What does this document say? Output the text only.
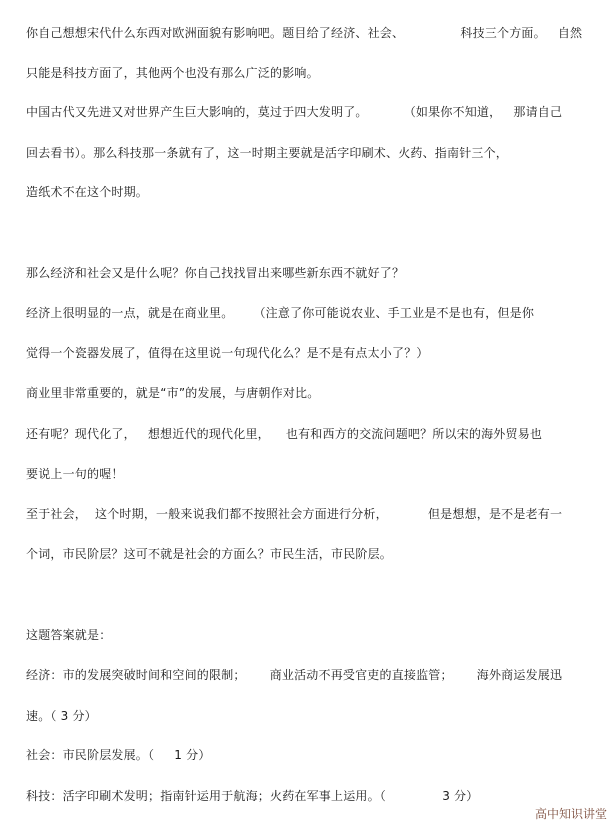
你自己想想宋代什么东西对欧洲面貌有影响吧。题目给了经济、社会、              科技三个方面。   自然
只能是科技方面了，其他两个也没有那么广泛的影响。
中国古代又先进又对世界产生巨大影响的，莫过于四大发明了。         （如果你不知道，   那请自己
回去看书）。那么科技那一条就有了，这一时期主要就是活字印刷术、火药、指南针三个，
造纸术不在这个时期。
那么经济和社会又是什么呢？你自己找找冒出来哪些新东西不就好了？
经济上很明显的一点，就是在商业里。     （注意了你可能说农业、手工业是不是也有，但是你
觉得一个瓷器发展了，值得在这里说一句现代化么？是不是有点太小了？）
商业里非常重要的，就是“市”的发展，与唐朝作对比。
还有呢？现代化了，   想想近代的现代化里，    也有和西方的交流问题吧？所以宋的海外贸易也
要说上一句的喔！
至于社会，  这个时期，一般来说我们都不按照社会方面进行分析，          但是想想，是不是老有一
个词，市民阶层？这可不就是社会的方面么？市民生活，市民阶层。
这题答案就是：
经济：市的发展突破时间和空间的限制；      商业活动不再受官吏的直接监管；      海外商运发展迅
速。（ 3 分）
社会：市民阶层发展。（     1 分）
科技：活字印刷术发明；指南针运用于航海；火药在军事上运用。（              3 分）
高中知识讲堂
